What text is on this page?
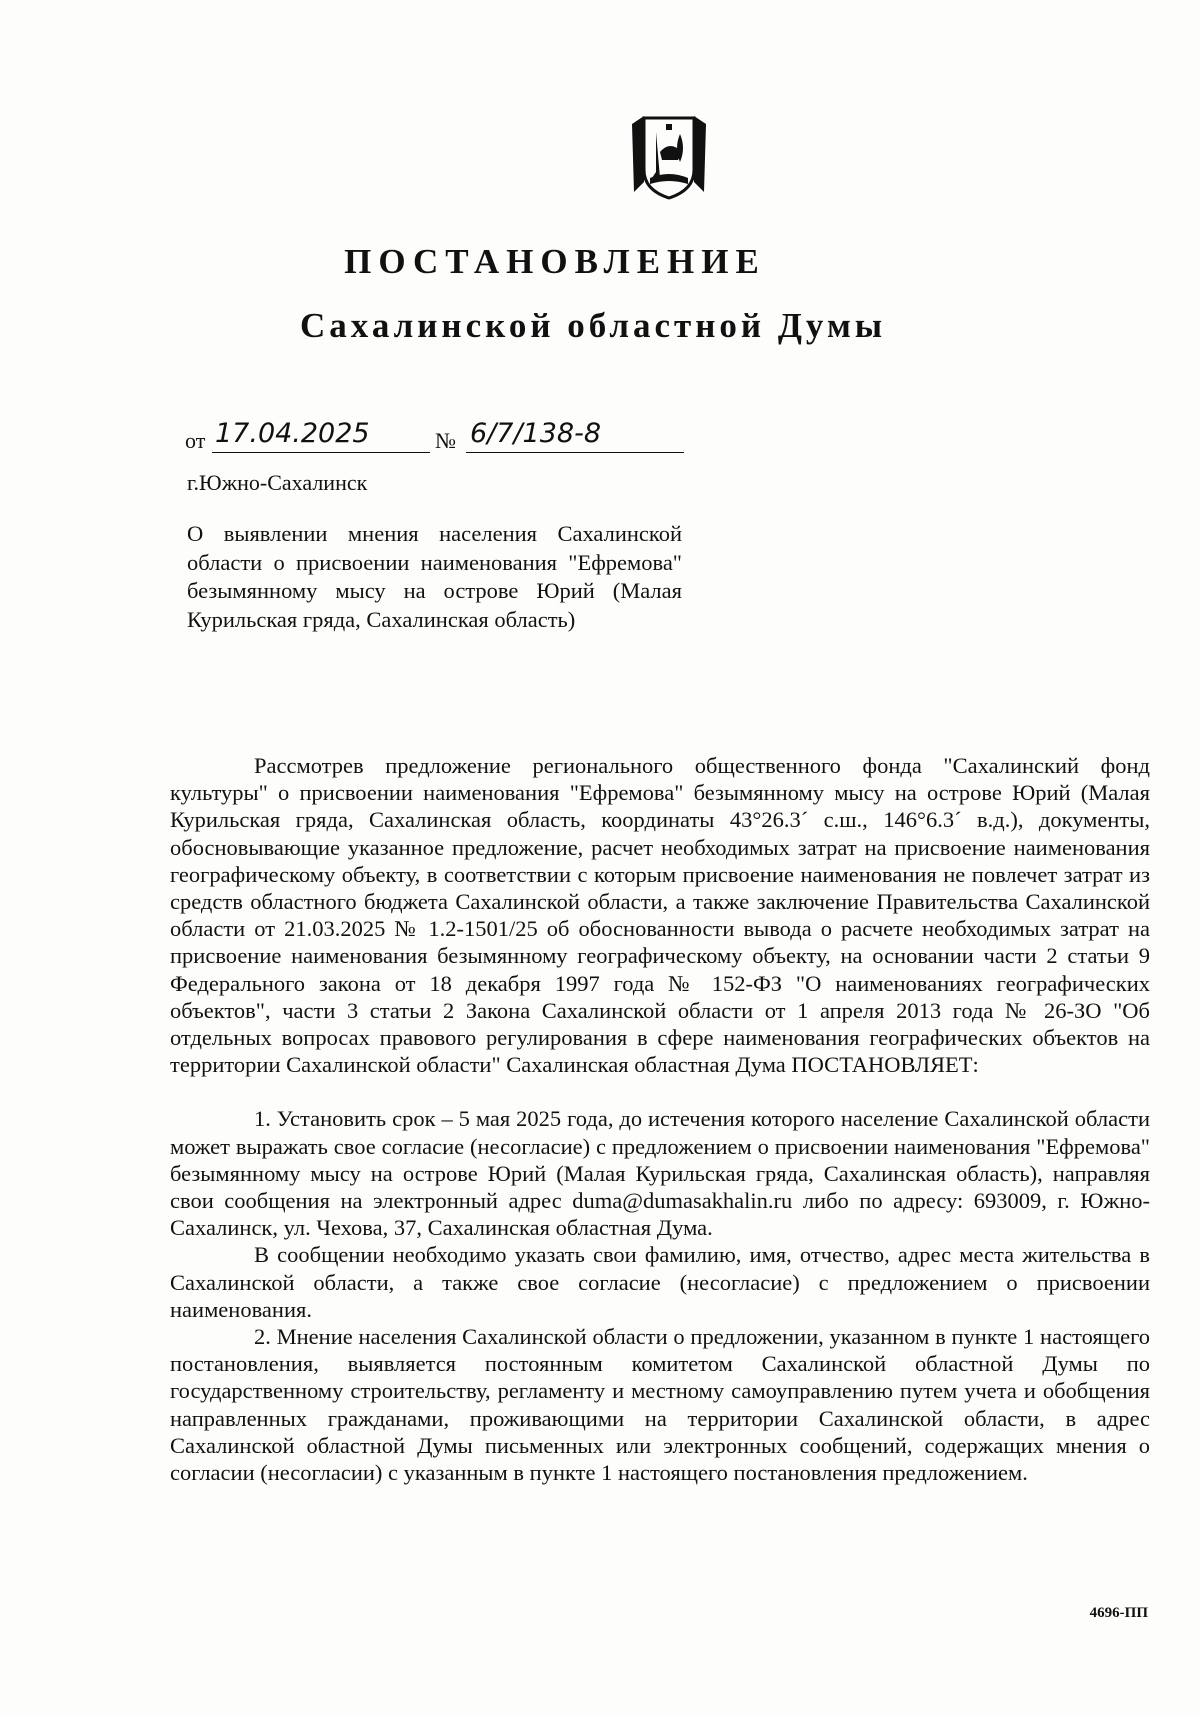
ПОСТАНОВЛЕНИЕ
Сахалинской областной Думы
от 17.04.2025	№ 6/7/138-8
г.Южно-Сахалинск

О выявлении мнения населения Сахалинской области о присвоении наименования "Ефремова" безымянному мысу на острове Юрий (Малая Курильская гряда, Сахалинская область)

Рассмотрев предложение регионального общественного фонда "Сахалинский фонд культуры" о присвоении наименования "Ефремова" безымянному мысу на острове Юрий (Малая Курильская гряда, Сахалинская область, координаты 43°26.3´ с.ш., 146°6.3´ в.д.), документы, обосновывающие указанное предложение, расчет необходимых затрат на присвоение наименования географическому объекту, в соответствии с которым присвоение наименования не повлечет затрат из средств областного бюджета Сахалинской области, а также заключение Правительства Сахалинской области от 21.03.2025 № 1.2-1501/25 об обоснованности вывода о расчете необходимых затрат на присвоение наименования безымянному географическому объекту, на основании части 2 статьи 9 Федерального закона от 18 декабря 1997 года № 152-ФЗ "О наименованиях географических объектов", части 3 статьи 2 Закона Сахалинской области от 1 апреля 2013 года № 26-ЗО "Об отдельных вопросах правового регулирования в сфере наименования географических объектов на территории Сахалинской области" Сахалинская областная Дума ПОСТАНОВЛЯЕТ:

1. Установить срок – 5 мая 2025 года, до истечения которого население Сахалинской области может выражать свое согласие (несогласие) с предложением о присвоении наименования "Ефремова" безымянному мысу на острове Юрий (Малая Курильская гряда, Сахалинская область), направляя свои сообщения на электронный адрес duma@dumasakhalin.ru либо по адресу: 693009, г. Южно-Сахалинск, ул. Чехова, 37, Сахалинская областная Дума.

В сообщении необходимо указать свои фамилию, имя, отчество, адрес места жительства в Сахалинской области, а также свое согласие (несогласие) с предложением о присвоении наименования.

2. Мнение населения Сахалинской области о предложении, указанном в пункте 1 настоящего постановления, выявляется постоянным комитетом Сахалинской областной Думы по государственному строительству, регламенту и местному самоуправлению путем учета и обобщения направленных гражданами, проживающими на территории Сахалинской области, в адрес Сахалинской областной Думы письменных или электронных сообщений, содержащих мнения о согласии (несогласии) с указанным в пункте 1 настоящего постановления предложением.

4696-ПП
